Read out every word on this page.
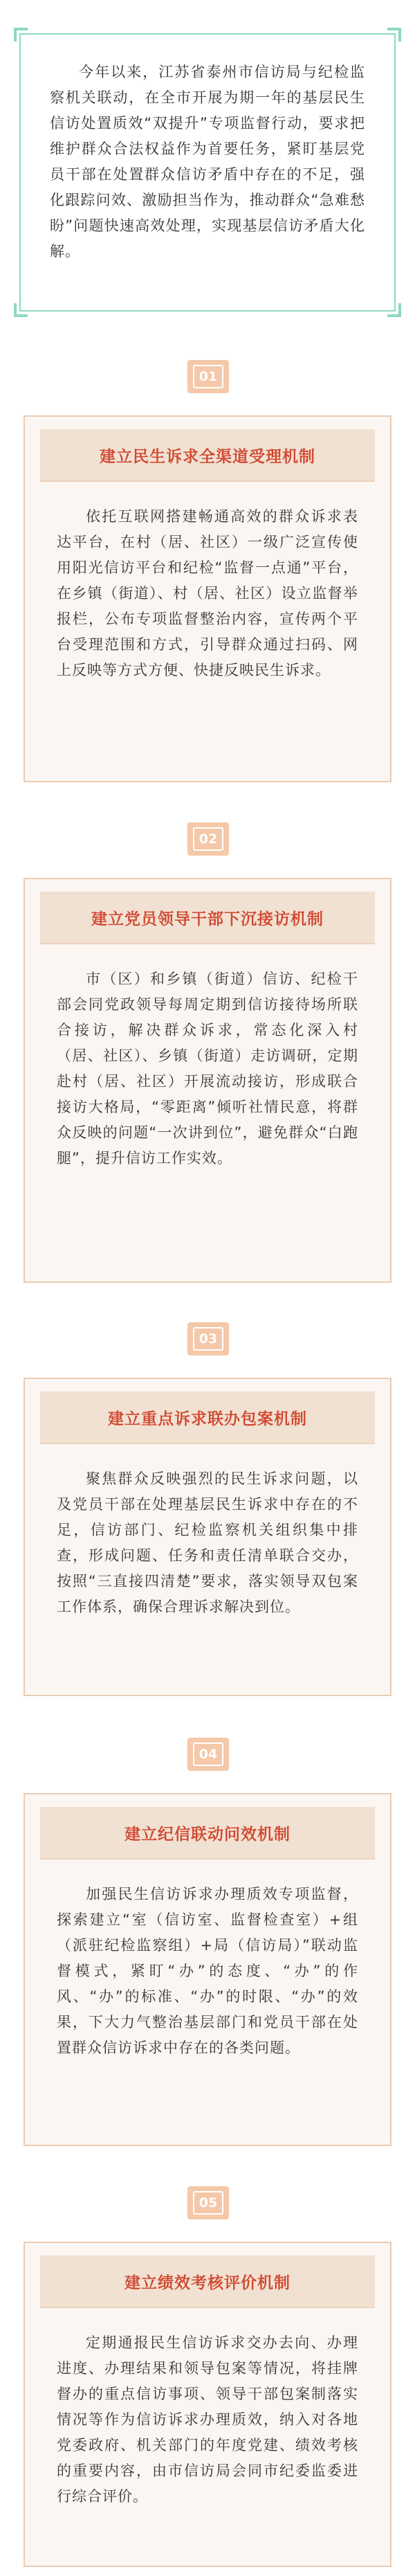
今年以来，江苏省泰州市信访局与纪检监察机关联动，在全市开展为期一年的基层民生信访处置质效“双提升”专项监督行动，要求把维护群众合法权益作为首要任务，紧盯基层党员干部在处置群众信访矛盾中存在的不足，强化跟踪问效、激励担当作为，推动群众“急难愁盼”问题快速高效处理，实现基层信访矛盾大化解。
01
建立民生诉求全渠道受理机制
依托互联网搭建畅通高效的群众诉求表达平台，在村（居、社区）一级广泛宣传使用阳光信访平台和纪检“监督一点通”平台，在乡镇（街道）、村（居、社区）设立监督举报栏，公布专项监督整治内容，宣传两个平台受理范围和方式，引导群众通过扫码、网上反映等方式方便、快捷反映民生诉求。
02
建立党员领导干部下沉接访机制
市（区）和乡镇（街道）信访、纪检干部会同党政领导每周定期到信访接待场所联合接访，解决群众诉求，常态化深入村（居、社区）、乡镇（街道）走访调研，定期赴村（居、社区）开展流动接访，形成联合接访大格局，“零距离”倾听社情民意，将群众反映的问题“一次讲到位”，避免群众“白跑腿”，提升信访工作实效。
03
建立重点诉求联办包案机制
聚焦群众反映强烈的民生诉求问题，以及党员干部在处理基层民生诉求中存在的不足，信访部门、纪检监察机关组织集中排查，形成问题、任务和责任清单联合交办，按照“三直接四清楚”要求，落实领导双包案工作体系，确保合理诉求解决到位。
04
建立纪信联动问效机制
加强民生信访诉求办理质效专项监督，探索建立“室（信访室、监督检查室）+组（派驻纪检监察组）+局（信访局）”联动监督模式，紧盯“办”的态度、“办”的作风、“办”的标准、“办”的时限、“办”的效果，下大力气整治基层部门和党员干部在处置群众信访诉求中存在的各类问题。
05
建立绩效考核评价机制
定期通报民生信访诉求交办去向、办理进度、办理结果和领导包案等情况，将挂牌督办的重点信访事项、领导干部包案制落实情况等作为信访诉求办理质效，纳入对各地党委政府、机关部门的年度党建、绩效考核的重要内容，由市信访局会同市纪委监委进行综合评价。
